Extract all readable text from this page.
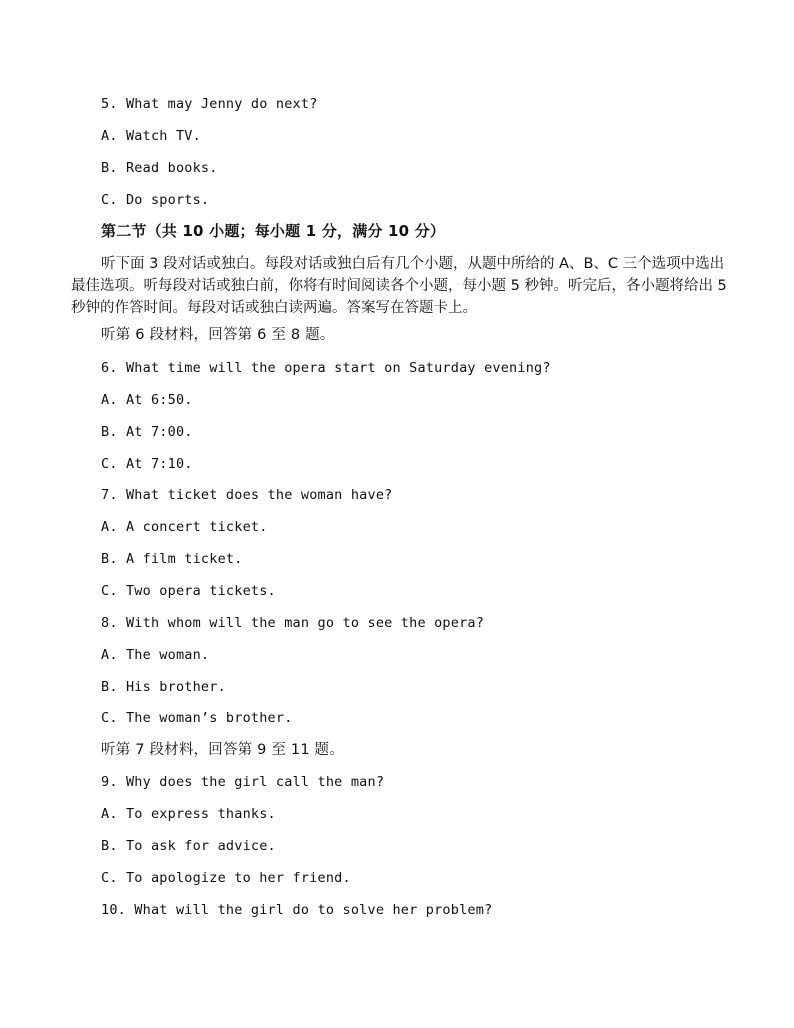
5. What may Jenny do next?
A. Watch TV.
B. Read books.
C. Do sports.
第二节（共 10 小题；每小题 1 分，满分 10 分）
听下面 3 段对话或独白。每段对话或独白后有几个小题，从题中所给的 A、B、C 三个选项中选出最佳选项。听每段对话或独白前，你将有时间阅读各个小题，每小题 5 秒钟。听完后，各小题将给出 5 秒钟的作答时间。每段对话或独白读两遍。答案写在答题卡上。
听第 6 段材料，回答第 6 至 8 题。
6. What time will the opera start on Saturday evening?
A. At 6:50.
B. At 7:00.
C. At 7:10.
7. What ticket does the woman have?
A. A concert ticket.
B. A film ticket.
C. Two opera tickets.
8. With whom will the man go to see the opera?
A. The woman.
B. His brother.
C. The woman’s brother.
听第 7 段材料，回答第 9 至 11 题。
9. Why does the girl call the man?
A. To express thanks.
B. To ask for advice.
C. To apologize to her friend.
10. What will the girl do to solve her problem?
